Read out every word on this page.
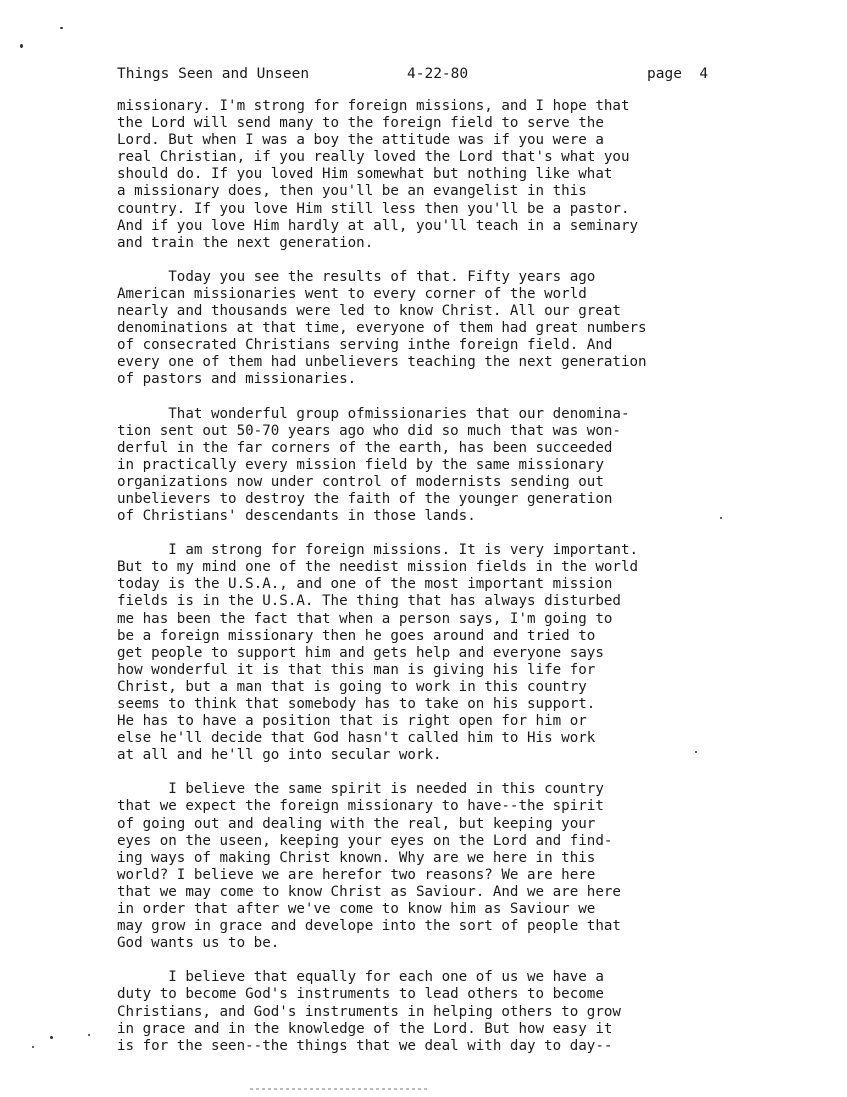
Things Seen and Unseen	4-22-80	page  4
missionary. I'm strong for foreign missions, and I hope that
the Lord will send many to the foreign field to serve the
Lord. But when I was a boy the attitude was if you were a
real Christian, if you really loved the Lord that's what you
should do. If you loved Him somewhat but nothing like what
a missionary does, then you'll be an evangelist in this
country. If you love Him still less then you'll be a pastor.
And if you love Him hardly at all, you'll teach in a seminary
and train the next generation.
Today you see the results of that. Fifty years ago
American missionaries went to every corner of the world
nearly and thousands were led to know Christ. All our great
denominations at that time, everyone of them had great numbers
of consecrated Christians serving inthe foreign field. And
every one of them had unbelievers teaching the next generation
of pastors and missionaries.
That wonderful group ofmissionaries that our denomina-
tion sent out 50-70 years ago who did so much that was won-
derful in the far corners of the earth, has been succeeded
in practically every mission field by the same missionary
organizations now under control of modernists sending out
unbelievers to destroy the faith of the younger generation
of Christians' descendants in those lands.
I am strong for foreign missions. It is very important.
But to my mind one of the needist mission fields in the world
today is the U.S.A., and one of the most important mission
fields is in the U.S.A. The thing that has always disturbed
me has been the fact that when a person says, I'm going to
be a foreign missionary then he goes around and tried to
get people to support him and gets help and everyone says
how wonderful it is that this man is giving his life for
Christ, but a man that is going to work in this country
seems to think that somebody has to take on his support.
He has to have a position that is right open for him or
else he'll decide that God hasn't called him to His work
at all and he'll go into secular work.
I believe the same spirit is needed in this country
that we expect the foreign missionary to have--the spirit
of going out and dealing with the real, but keeping your
eyes on the useen, keeping your eyes on the Lord and find-
ing ways of making Christ known. Why are we here in this
world? I believe we are herefor two reasons? We are here
that we may come to know Christ as Saviour. And we are here
in order that after we've come to know him as Saviour we
may grow in grace and develope into the sort of people that
God wants us to be.
I believe that equally for each one of us we have a
duty to become God's instruments to lead others to become
Christians, and God's instruments in helping others to grow
in grace and in the knowledge of the Lord. But how easy it
is for the seen--the things that we deal with day to day--
